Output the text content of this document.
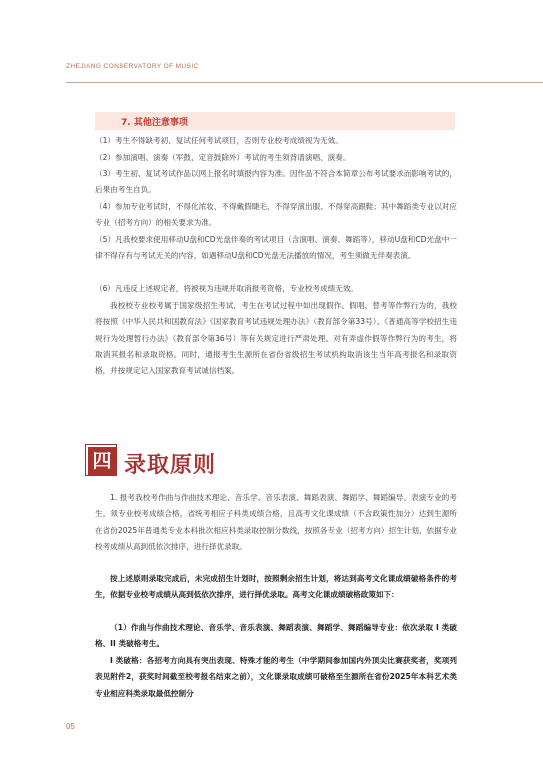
ZHEJIANG CONSERVATORY OF MUSIC
7. 其他注意事项
（1）考生不得缺考初、复试任何考试项目，否则专业校考成绩视为无效。
（2）参加演唱、演奏（军鼓、定音鼓除外）考试的考生须背谱演唱、演奏。
（3）考生初、复试考试作品以网上报名时填报内容为准。因作品不符合本简章公布考试要求而影响考试的，后果由考生自负。
（4）参加专业考试时，不得化浓妆，不得戴假睫毛，不得穿演出服、不得穿高跟鞋；其中舞蹈类专业以对应专业（招考方向）的相关要求为准。
（5）凡我校要求使用移动U盘和CD光盘伴奏的考试项目（含演唱、演奏、舞蹈等），移动U盘和CD光盘中一律不得存有与考试无关的内容，如遇移动U盘和CD光盘无法播放的情况，考生须做无伴奏表演。
（6）凡违反上述规定者，将被视为违规并取消报考资格，专业校考成绩无效。
我校校专业校考属于国家级招生考试，考生在考试过程中如出现假作、假唱、替考等作弊行为的，我校将按照《中华人民共和国教育法》《国家教育考试违规处理办法》（教育部令第33号）、《普通高等学校招生违规行为处理暂行办法》（教育部令第36号）等有关规定进行严肃处理。对有弄虚作假等作弊行为的考生，将取消其报名和录取资格。同时，通报考生生源所在省份省级招生考试机构取消该生当年高考报名和录取资格，并按规定记入国家教育考试诚信档案。
四 录取原则
1. 报考我校考作曲与作曲技术理论、音乐学、音乐表演、舞蹈表演、舞蹈学、舞蹈编导、表演专业的考生，须专业校考成绩合格，省统考相应子科类成绩合格，且高考文化课成绩（不含政策性加分）达到生源所在省份2025年普通类专业本科批次相应科类录取控制分数线，按照各专业（招考方向）招生计划，依据专业校考成绩从高到低依次排序，进行择优录取。
按上述原则录取完成后，未完成招生计划时，按照剩余招生计划，将达到高考文化课成绩破格条件的考生，依据专业校考成绩从高到低依次排序，进行择优录取。高考文化课成绩破格政策如下：
（1）作曲与作曲技术理论、音乐学、音乐表演、舞蹈表演、舞蹈学、舞蹈编导专业：依次录取 I 类破格、II 类破格考生。
I 类破格：各招考方向具有突出表现、特殊才能的考生（中学期间参加国内外顶尖比赛获奖者，奖项列表见附件2，获奖时间截至校考报名结束之前），文化课录取成绩可破格至生源所在省份2025年本科艺术类专业相应科类录取最低控制分
05
